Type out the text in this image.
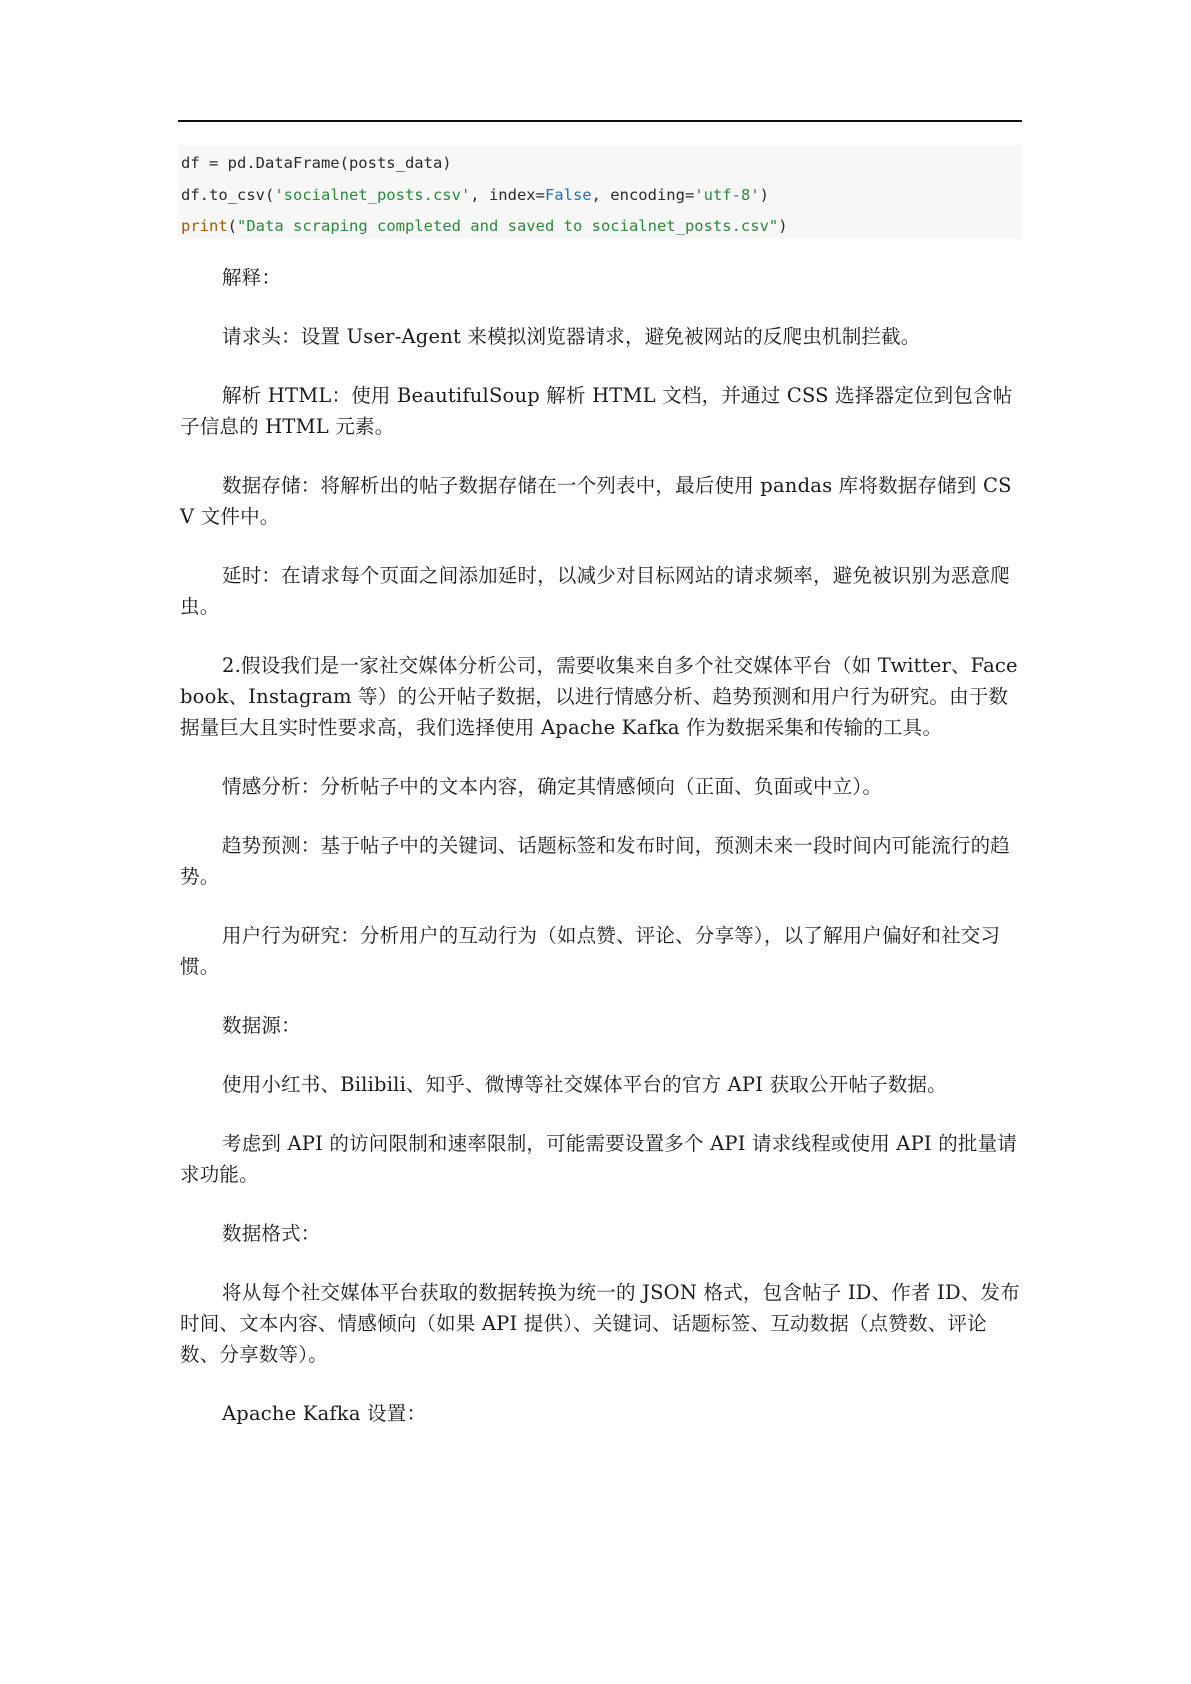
df = pd.DataFrame(posts_data)
df.to_csv('socialnet_posts.csv', index=False, encoding='utf-8')
print("Data scraping completed and saved to socialnet_posts.csv")

解释：

请求头：设置 User-Agent 来模拟浏览器请求，避免被网站的反爬虫机制拦截。

解析 HTML：使用 BeautifulSoup 解析 HTML 文档，并通过 CSS 选择器定位到包含帖子信息的 HTML 元素。

数据存储：将解析出的帖子数据存储在一个列表中，最后使用 pandas 库将数据存储到 CSV 文件中。

延时：在请求每个页面之间添加延时，以减少对目标网站的请求频率，避免被识别为恶意爬虫。

2.假设我们是一家社交媒体分析公司，需要收集来自多个社交媒体平台（如 Twitter、Facebook、Instagram 等）的公开帖子数据，以进行情感分析、趋势预测和用户行为研究。由于数据量巨大且实时性要求高，我们选择使用 Apache Kafka 作为数据采集和传输的工具。

情感分析：分析帖子中的文本内容，确定其情感倾向（正面、负面或中立）。

趋势预测：基于帖子中的关键词、话题标签和发布时间，预测未来一段时间内可能流行的趋势。

用户行为研究：分析用户的互动行为（如点赞、评论、分享等），以了解用户偏好和社交习惯。

数据源：

使用小红书、Bilibili、知乎、微博等社交媒体平台的官方 API 获取公开帖子数据。

考虑到 API 的访问限制和速率限制，可能需要设置多个 API 请求线程或使用 API 的批量请求功能。

数据格式：

将从每个社交媒体平台获取的数据转换为统一的 JSON 格式，包含帖子 ID、作者 ID、发布时间、文本内容、情感倾向（如果 API 提供）、关键词、话题标签、互动数据（点赞数、评论数、分享数等）。

Apache Kafka 设置：
